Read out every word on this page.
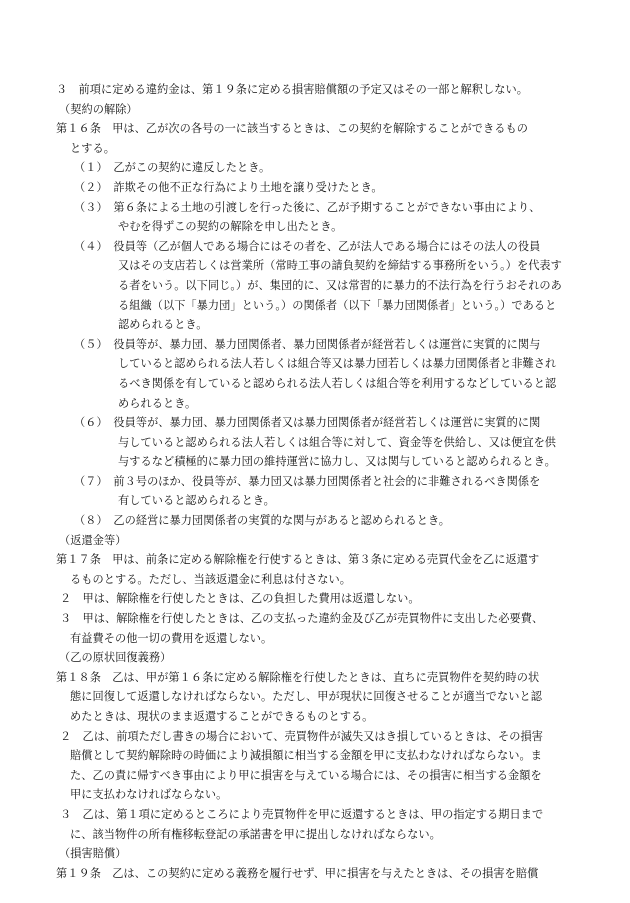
３　前項に定める違約金は、第１９条に定める損害賠償額の予定又はその一部と解釈しない。
（契約の解除）
第１６条　甲は、乙が次の各号の一に該当するときは、この契約を解除することができるもの
とする。
（１）　乙がこの契約に違反したとき。
（２）　詐欺その他不正な行為により土地を譲り受けたとき。
（３）　第６条による土地の引渡しを行った後に、乙が予期することができない事由により、
やむを得ずこの契約の解除を申し出たとき。
（４）　役員等（乙が個人である場合にはその者を、乙が法人である場合にはその法人の役員
又はその支店若しくは営業所（常時工事の請負契約を締結する事務所をいう。）を代表す
る者をいう。以下同じ。）が、集団的に、又は常習的に暴力的不法行為を行うおそれのあ
る組織（以下「暴力団」という。）の関係者（以下「暴力団関係者」という。）であると
認められるとき。
（５）　役員等が、暴力団、暴力団関係者、暴力団関係者が経営若しくは運営に実質的に関与
していると認められる法人若しくは組合等又は暴力団若しくは暴力団関係者と非難され
るべき関係を有していると認められる法人若しくは組合等を利用するなどしていると認
められるとき。
（６）　役員等が、暴力団、暴力団関係者又は暴力団関係者が経営若しくは運営に実質的に関
与していると認められる法人若しくは組合等に対して、資金等を供給し、又は便宜を供
与するなど積極的に暴力団の維持運営に協力し、又は関与していると認められるとき。
（７）　前３号のほか、役員等が、暴力団又は暴力団関係者と社会的に非難されるべき関係を
有していると認められるとき。
（８）　乙の経営に暴力団関係者の実質的な関与があると認められるとき。
（返還金等）
第１７条　甲は、前条に定める解除権を行使するときは、第３条に定める売買代金を乙に返還す
るものとする。ただし、当該返還金に利息は付さない。
２　甲は、解除権を行使したときは、乙の負担した費用は返還しない。
３　甲は、解除権を行使したときは、乙の支払った違約金及び乙が売買物件に支出した必要費、
有益費その他一切の費用を返還しない。
（乙の原状回復義務）
第１８条　乙は、甲が第１６条に定める解除権を行使したときは、直ちに売買物件を契約時の状
態に回復して返還しなければならない。ただし、甲が現状に回復させることが適当でないと認
めたときは、現状のまま返還することができるものとする。
２　乙は、前項ただし書きの場合において、売買物件が滅失又はき損しているときは、その損害
賠償として契約解除時の時価により減損額に相当する金額を甲に支払わなければならない。ま
た、乙の責に帰すべき事由により甲に損害を与えている場合には、その損害に相当する金額を
甲に支払わなければならない。
３　乙は、第１項に定めるところにより売買物件を甲に返還するときは、甲の指定する期日まで
に、該当物件の所有権移転登記の承諾書を甲に提出しなければならない。
（損害賠償）
第１９条　乙は、この契約に定める義務を履行せず、甲に損害を与えたときは、その損害を賠償
